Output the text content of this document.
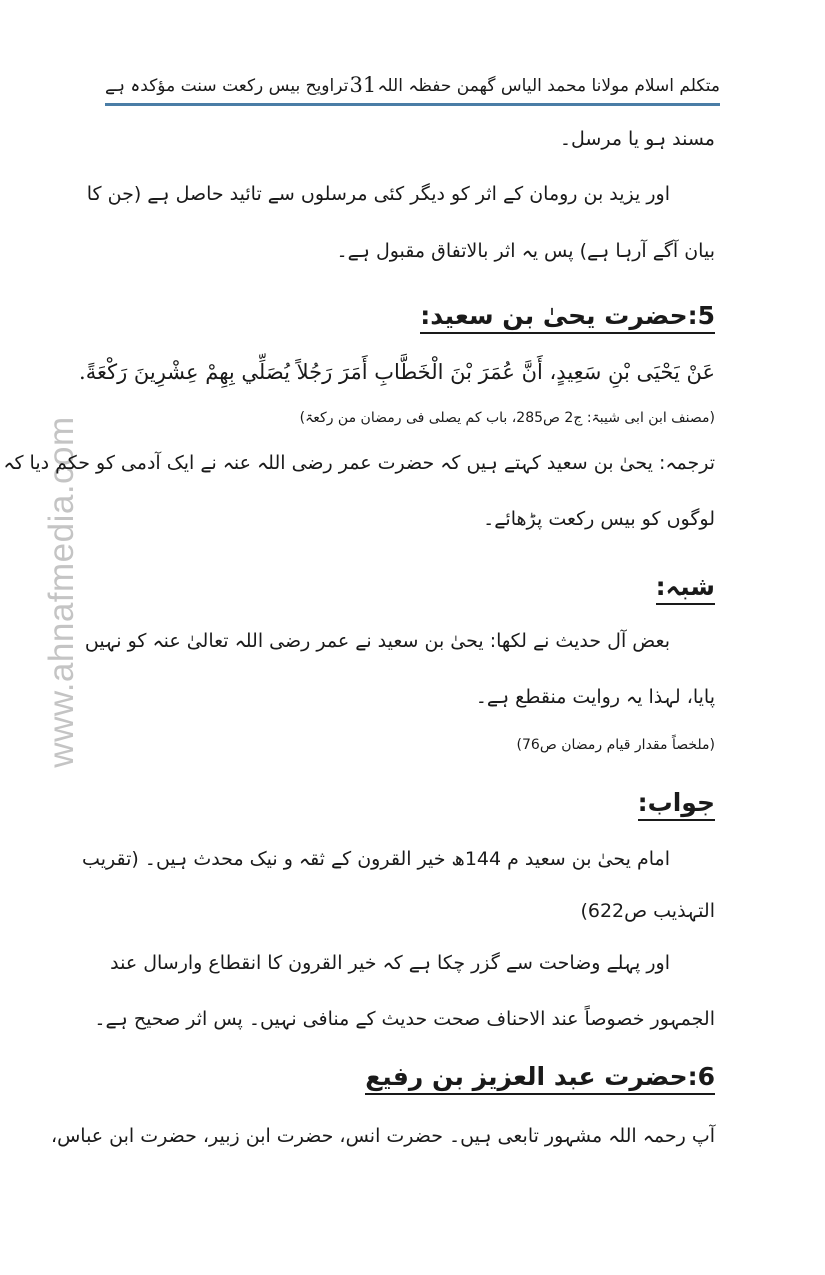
تراویح بیس رکعت سنت مؤکدہ ہے 31 متکلم اسلام مولانا محمد الیاس گھمن حفظہ اللہ
www.ahnafmedia.com
مسند ہو یا مرسل۔
اور یزید بن رومان کے اثر کو دیگر کئی مرسلوں سے تائید حاصل ہے (جن کا
بیان آگے آرہا ہے) پس یہ اثر بالاتفاق مقبول ہے۔
5:حضرت یحیٰ بن سعید:
عَنْ يَحْيَى بْنِ سَعِيدٍ، أَنَّ عُمَرَ بْنَ الْخَطَّابِ أَمَرَ رَجُلاً يُصَلِّي بِهِمْ عِشْرِينَ رَكْعَةً.
(مصنف ابن ابی شیبۃ: ج2 ص285، باب کم یصلی فی رمضان من رکعۃ)
ترجمہ: یحیٰ بن سعید کہتے ہیں کہ حضرت عمر رضی اللہ عنہ نے ایک آدمی کو حکم دیا کہ
لوگوں کو بیس رکعت پڑھائے۔
شبہ:
بعض آل حدیث نے لکھا: یحیٰ بن سعید نے عمر رضی اللہ تعالیٰ عنہ کو نہیں
پایا، لہذا یہ روایت منقطع ہے۔
(ملخصاً مقدار قیام رمضان ص76)
جواب:
امام یحیٰ بن سعید م 144ھ خیر القرون کے ثقہ و نیک محدث ہیں۔ (تقریب
التہذیب ص622)
اور پہلے وضاحت سے گزر چکا ہے کہ خیر القرون کا انقطاع وارسال عند
الجمہور خصوصاً عند الاحناف صحت حدیث کے منافی نہیں۔ پس اثر صحیح ہے۔
6:حضرت عبد العزیز بن رفیع
آپ رحمہ اللہ مشہور تابعی ہیں۔ حضرت انس، حضرت ابن زبیر، حضرت ابن عباس،
